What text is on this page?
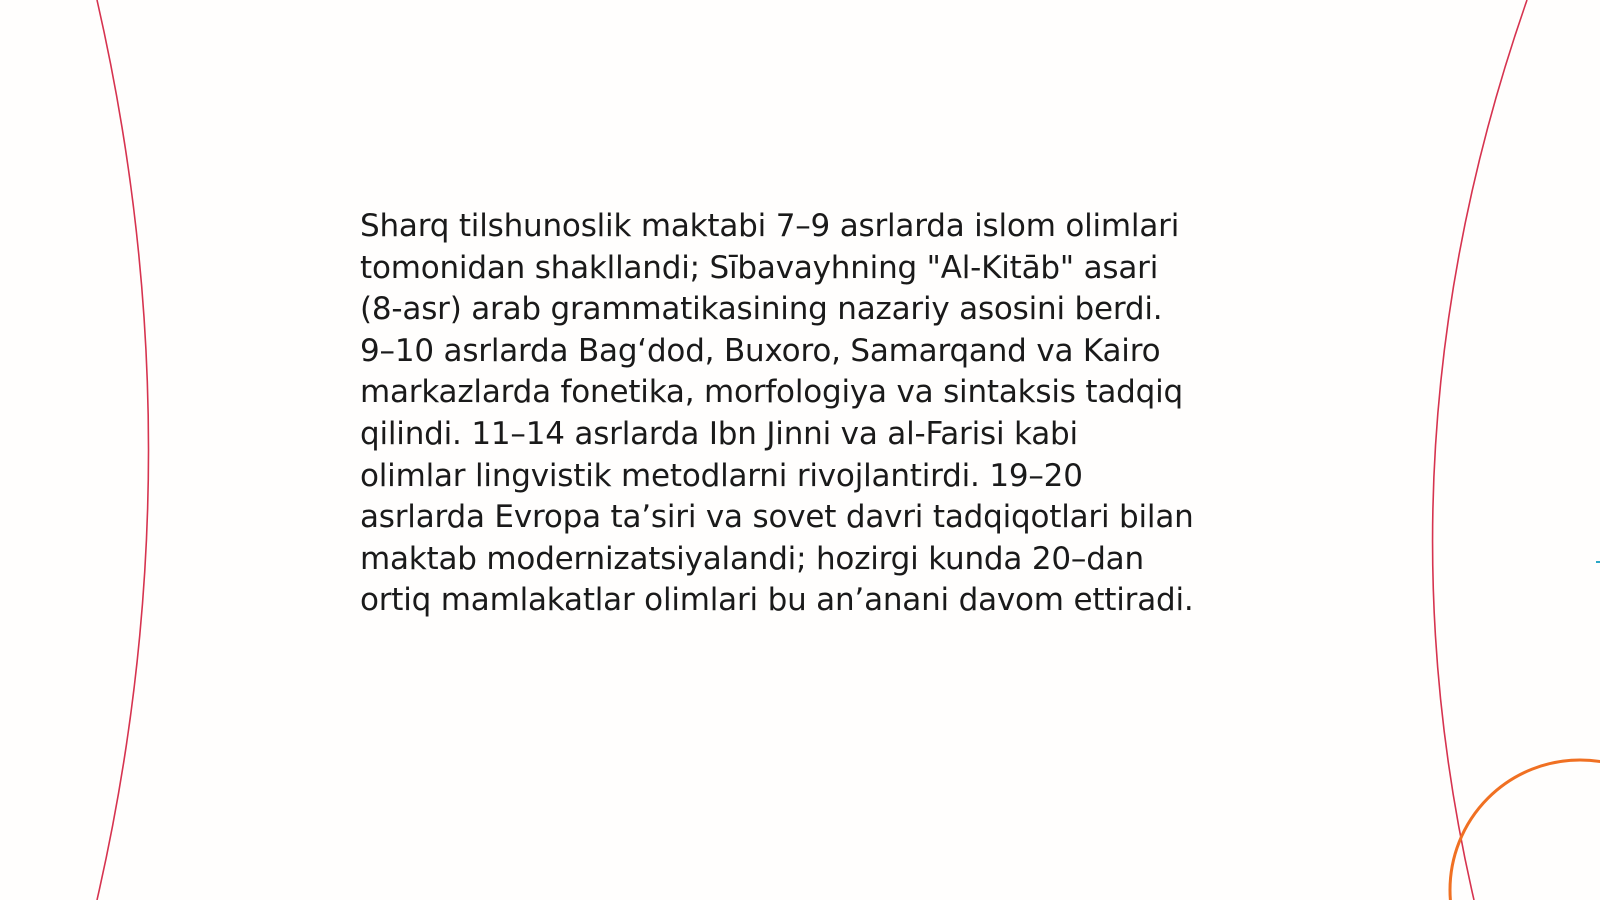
Sharq tilshunoslik maktabi 7–9 asrlarda islom olimlari
tomonidan shakllandi; Sībavayhning "Al-Kitāb" asari
(8-asr) arab grammatikasining nazariy asosini berdi.
9–10 asrlarda Bag‘dod, Buxoro, Samarqand va Kairo
markazlarda fonetika, morfologiya va sintaksis tadqiq
qilindi. 11–14 asrlarda Ibn Jinni va al-Farisi kabi
olimlar lingvistik metodlarni rivojlantirdi. 19–20
asrlarda Evropa ta’siri va sovet davri tadqiqotlari bilan
maktab modernizatsiyalandi; hozirgi kunda 20–dan
ortiq mamlakatlar olimlari bu an’anani davom ettiradi.
